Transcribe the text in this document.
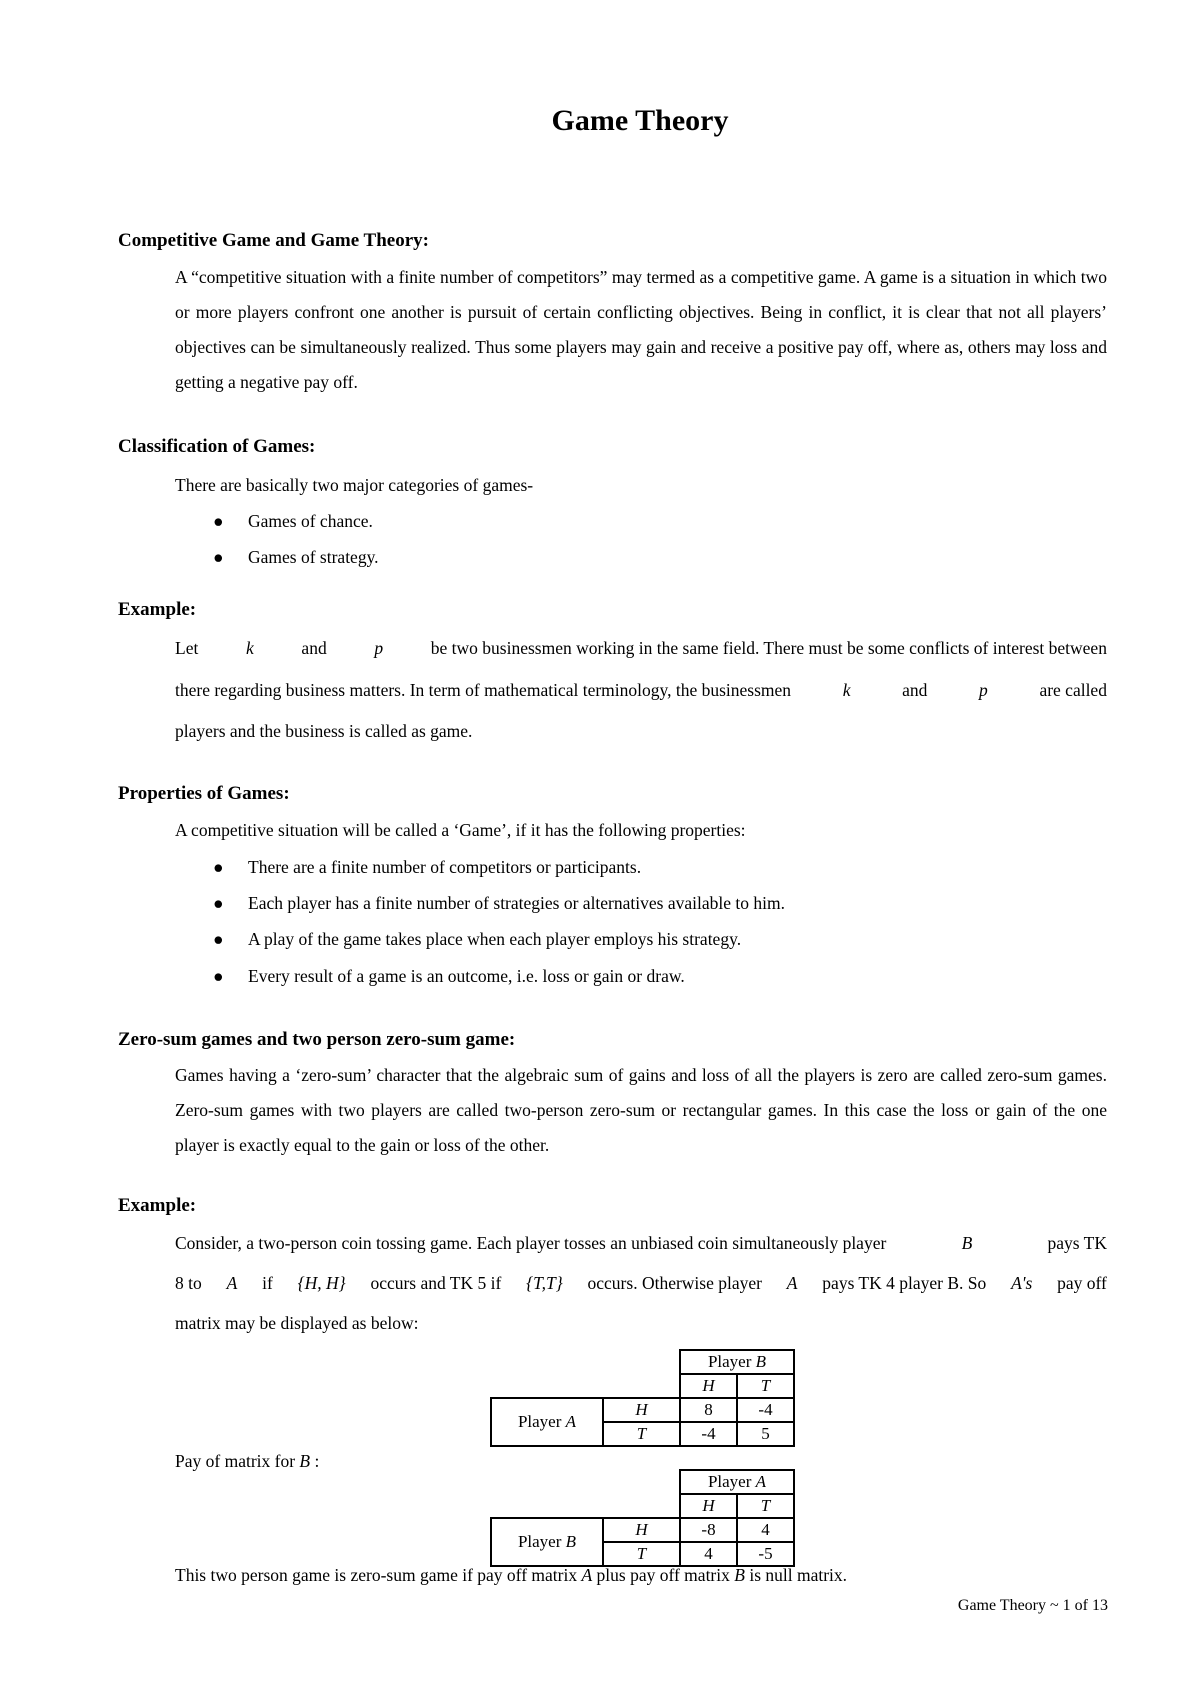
Game Theory
Competitive Game and Game Theory:
A “competitive situation with a finite number of competitors” may termed as a competitive game. A game is a situation in which two or more players confront one another is pursuit of certain conflicting objectives. Being in conflict, it is clear that not all players’ objectives can be simultaneously realized. Thus some players may gain and receive a positive pay off, where as, others may loss and getting a negative pay off.
Classification of Games:
There are basically two major categories of games-
● Games of chance.
● Games of strategy.
Example:
Let	k	and	p	be two businessmen working in the same field. There must be some conflicts of interest between
there regarding business matters. In term of mathematical terminology, the businessmen	k	and	p	are called
players and the business is called as game.
Properties of Games:
A competitive situation will be called a ‘Game’, if it has the following properties:
● There are a finite number of competitors or participants.
● Each player has a finite number of strategies or alternatives available to him.
● A play of the game takes place when each player employs his strategy.
● Every result of a game is an outcome, i.e. loss or gain or draw.
Zero-sum games and two person zero-sum game:
Games having a ‘zero-sum’ character that the algebraic sum of gains and loss of all the players is zero are called zero-sum games. Zero-sum games with two players are called two-person zero-sum or rectangular games. In this case the loss or gain of the one player is exactly equal to the gain or loss of the other.
Example:
Consider, a two-person coin tossing game. Each player tosses an unbiased coin simultaneously player	B	pays TK
8 to A if {H, H} occurs and TK 5 if {T,T} occurs. Otherwise player A pays TK 4 player B. So A's pay off
matrix may be displayed as below:
		Player B	
		H	T
Player A	H	8	-4
	T	-4	5
Pay of matrix for B :
		Player A	
		H	T
Player B	H	-8	4
	T	4	-5
This two person game is zero-sum game if pay off matrix A plus pay off matrix B is null matrix.
Game Theory ~ 1 of 13
